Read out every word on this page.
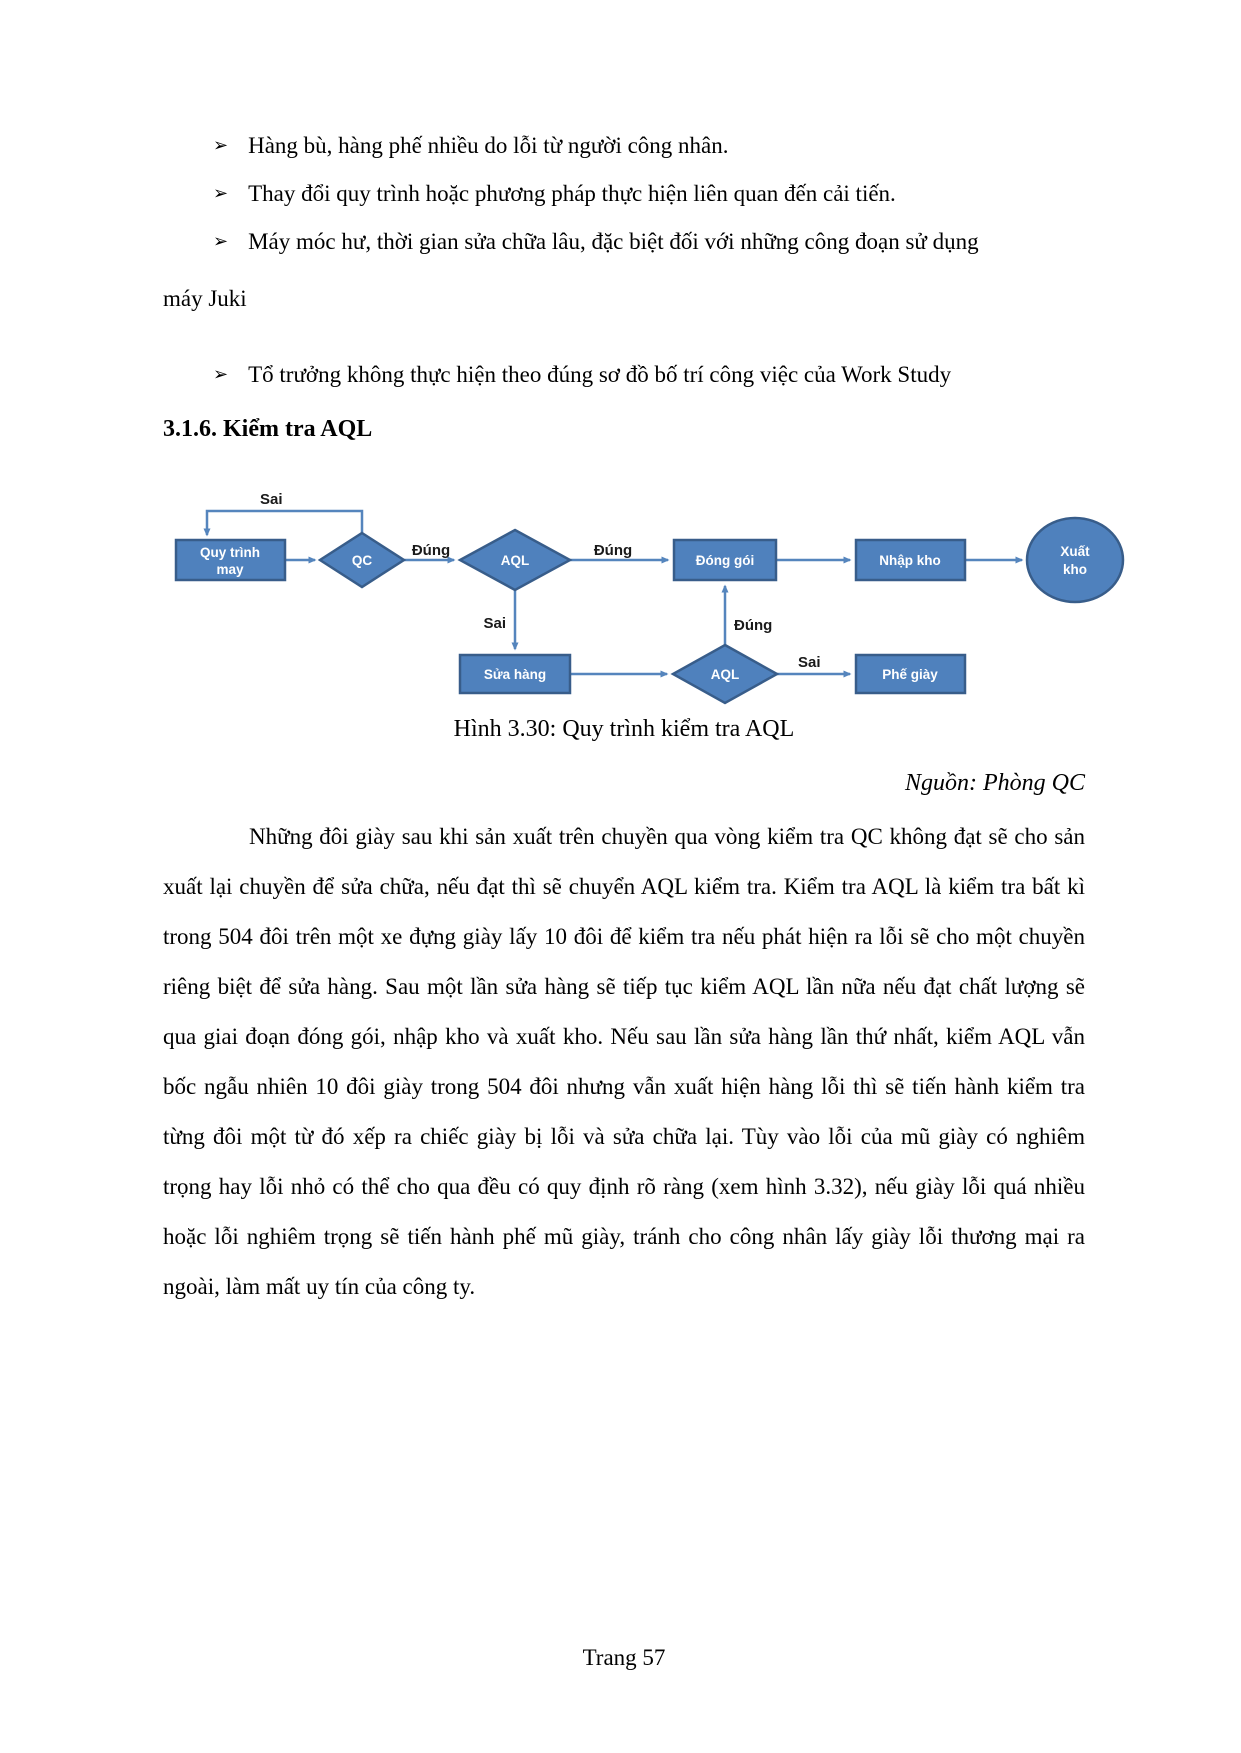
➢ Hàng bù, hàng phế nhiều do lỗi từ người công nhân.
➢ Thay đổi quy trình hoặc phương pháp thực hiện liên quan đến cải tiến.
➢ Máy móc hư, thời gian sửa chữa lâu, đặc biệt đối với những công đoạn sử dụng
máy Juki
➢ Tổ trưởng không thực hiện theo đúng sơ đồ bố trí công việc của Work Study
3.1.6. Kiểm tra AQL
Sai
Đúng	Đúng
Sai	Đúng
Sai
Quy trình
may
QC	AQL	Đóng gói	Nhập kho
Xuất
kho
Sửa hàng	AQL	Phế giày
Hình 3.30: Quy trình kiểm tra AQL
Nguồn: Phòng QC
Những đôi giày sau khi sản xuất trên chuyền qua vòng kiểm tra QC không đạt sẽ cho sản xuất lại chuyền để sửa chữa, nếu đạt thì sẽ chuyển AQL kiểm tra. Kiểm tra AQL là kiểm tra bất kì trong 504 đôi trên một xe đựng giày lấy 10 đôi để kiểm tra nếu phát hiện ra lỗi sẽ cho một chuyền riêng biệt để sửa hàng. Sau một lần sửa hàng sẽ tiếp tục kiểm AQL lần nữa nếu đạt chất lượng sẽ qua giai đoạn đóng gói, nhập kho và xuất kho. Nếu sau lần sửa hàng lần thứ nhất, kiểm AQL vẫn bốc ngẫu nhiên 10 đôi giày trong 504 đôi nhưng vẫn xuất hiện hàng lỗi thì sẽ tiến hành kiểm tra từng đôi một từ đó xếp ra chiếc giày bị lỗi và sửa chữa lại. Tùy vào lỗi của mũ giày có nghiêm trọng hay lỗi nhỏ có thể cho qua đều có quy định rõ ràng (xem hình 3.32), nếu giày lỗi quá nhiều hoặc lỗi nghiêm trọng sẽ tiến hành phế mũ giày, tránh cho công nhân lấy giày lỗi thương mại ra ngoài, làm mất uy tín của công ty.
Trang 57
